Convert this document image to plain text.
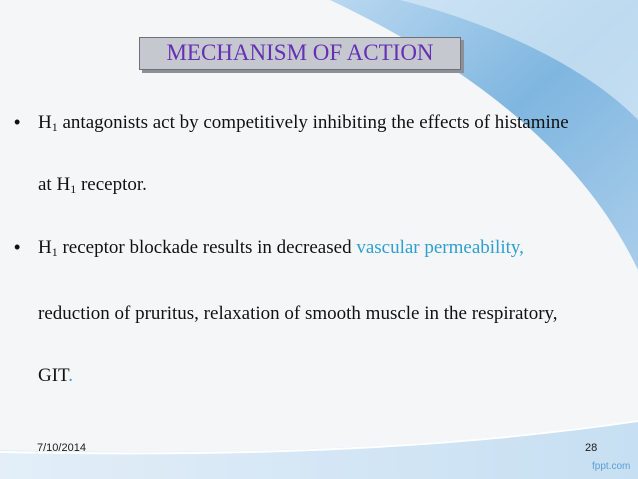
MECHANISM OF ACTION
• $H_1$ antagonists act by competitively inhibiting the effects of histamine
at $H_1$ receptor.
• $H_1$ receptor blockade results in decreased vascular permeability,
reduction of pruritus, relaxation of smooth muscle in the respiratory,
GIT.
7/10/2014	28
fppt.com
